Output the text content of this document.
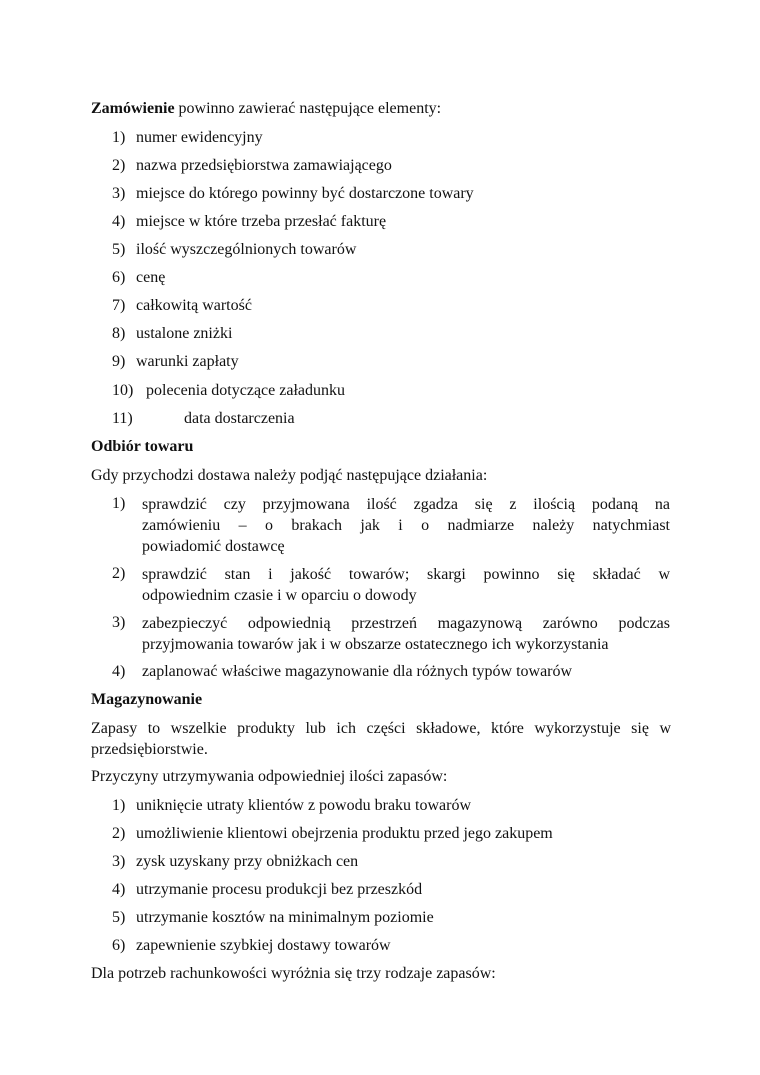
Zamówienie powinno zawierać następujące elementy:
1) numer ewidencyjny
2) nazwa przedsiębiorstwa zamawiającego
3) miejsce do którego powinny być dostarczone towary
4) miejsce w które trzeba przesłać fakturę
5) ilość wyszczególnionych towarów
6) cenę
7) całkowitą wartość
8) ustalone zniżki
9) warunki zapłaty
10) polecenia dotyczące załadunku
11)	data dostarczenia
Odbiór towaru
Gdy przychodzi dostawa należy podjąć następujące działania:
1) sprawdzić czy przyjmowana ilość zgadza się z ilością podaną na
zamówieniu – o brakach jak i o nadmiarze należy natychmiast
powiadomić dostawcę
2) sprawdzić stan i jakość towarów; skargi powinno się składać w
odpowiednim czasie i w oparciu o dowody
3) zabezpieczyć odpowiednią przestrzeń magazynową zarówno podczas
przyjmowania towarów jak i w obszarze ostatecznego ich wykorzystania
4) zaplanować właściwe magazynowanie dla różnych typów towarów
Magazynowanie
Zapasy to wszelkie produkty lub ich części składowe, które wykorzystuje się w
przedsiębiorstwie.
Przyczyny utrzymywania odpowiedniej ilości zapasów:
1) uniknięcie utraty klientów z powodu braku towarów
2) umożliwienie klientowi obejrzenia produktu przed jego zakupem
3) zysk uzyskany przy obniżkach cen
4) utrzymanie procesu produkcji bez przeszkód
5) utrzymanie kosztów na minimalnym poziomie
6) zapewnienie szybkiej dostawy towarów
Dla potrzeb rachunkowości wyróżnia się trzy rodzaje zapasów:
